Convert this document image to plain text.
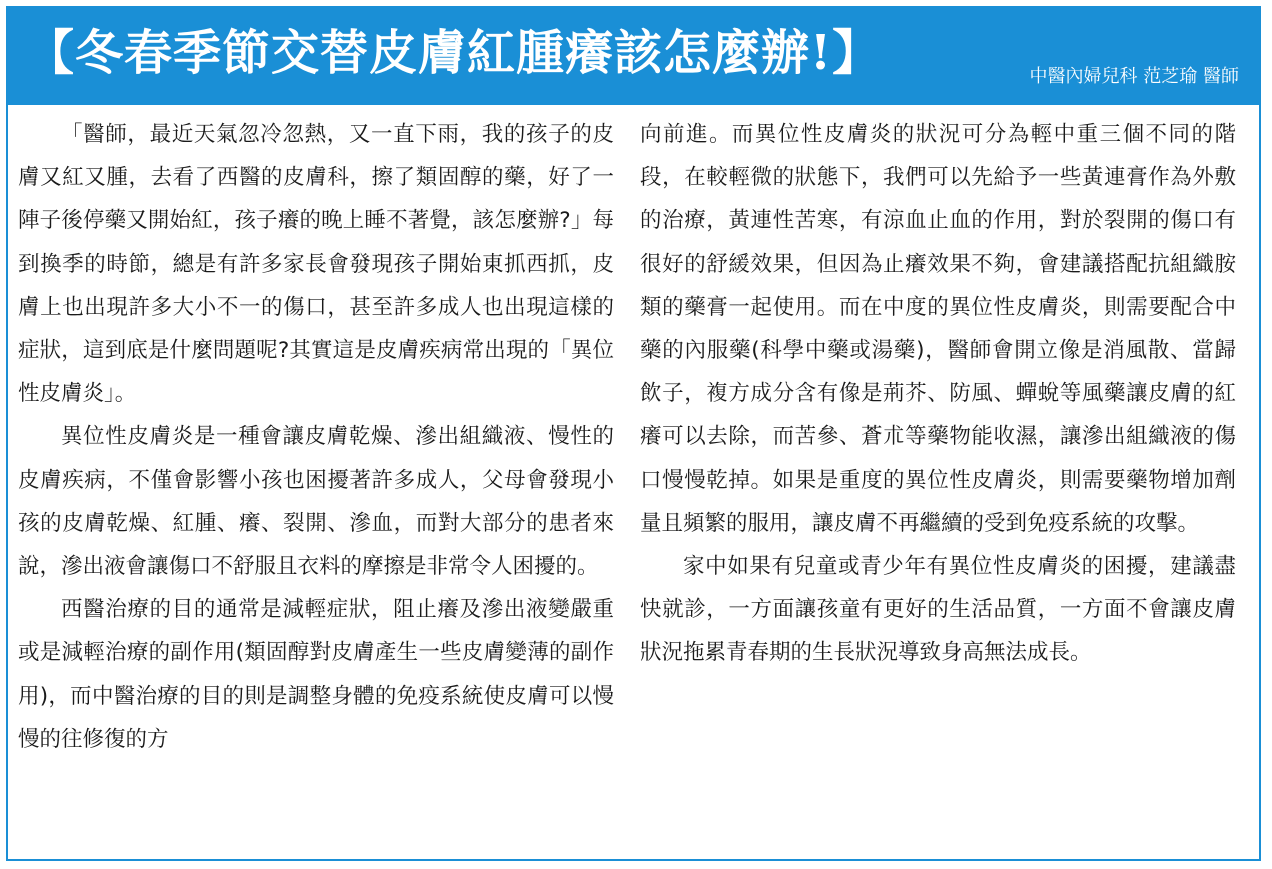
【冬春季節交替皮膚紅腫癢該怎麼辦!】	中醫內婦兒科 范芝瑜 醫師

「醫師，最近天氣忽冷忽熱，又一直下雨，我的孩子的皮膚又紅又腫，去看了西醫的皮膚科，擦了類固醇的藥，好了一陣子後停藥又開始紅，孩子癢的晚上睡不著覺，該怎麼辦?」每到換季的時節，總是有許多家長會發現孩子開始東抓西抓，皮膚上也出現許多大小不一的傷口，甚至許多成人也出現這樣的症狀，這到底是什麼問題呢?其實這是皮膚疾病常出現的「異位性皮膚炎」。

異位性皮膚炎是一種會讓皮膚乾燥、滲出組織液、慢性的皮膚疾病，不僅會影響小孩也困擾著許多成人，父母會發現小孩的皮膚乾燥、紅腫、癢、裂開、滲血，而對大部分的患者來說，滲出液會讓傷口不舒服且衣料的摩擦是非常令人困擾的。

西醫治療的目的通常是減輕症狀，阻止癢及滲出液變嚴重或是減輕治療的副作用(類固醇對皮膚產生一些皮膚變薄的副作用)，而中醫治療的目的則是調整身體的免疫系統使皮膚可以慢慢的往修復的方

向前進。而異位性皮膚炎的狀況可分為輕中重三個不同的階段，在較輕微的狀態下，我們可以先給予一些黃連膏作為外敷的治療，黃連性苦寒，有涼血止血的作用，對於裂開的傷口有很好的舒緩效果，但因為止癢效果不夠，會建議搭配抗組織胺類的藥膏一起使用。而在中度的異位性皮膚炎，則需要配合中藥的內服藥(科學中藥或湯藥)，醫師會開立像是消風散、當歸飲子，複方成分含有像是荊芥、防風、蟬蛻等風藥讓皮膚的紅癢可以去除，而苦參、蒼朮等藥物能收濕，讓滲出組織液的傷口慢慢乾掉。如果是重度的異位性皮膚炎，則需要藥物增加劑量且頻繁的服用，讓皮膚不再繼續的受到免疫系統的攻擊。

家中如果有兒童或青少年有異位性皮膚炎的困擾，建議盡快就診，一方面讓孩童有更好的生活品質，一方面不會讓皮膚狀況拖累青春期的生長狀況導致身高無法成長。
